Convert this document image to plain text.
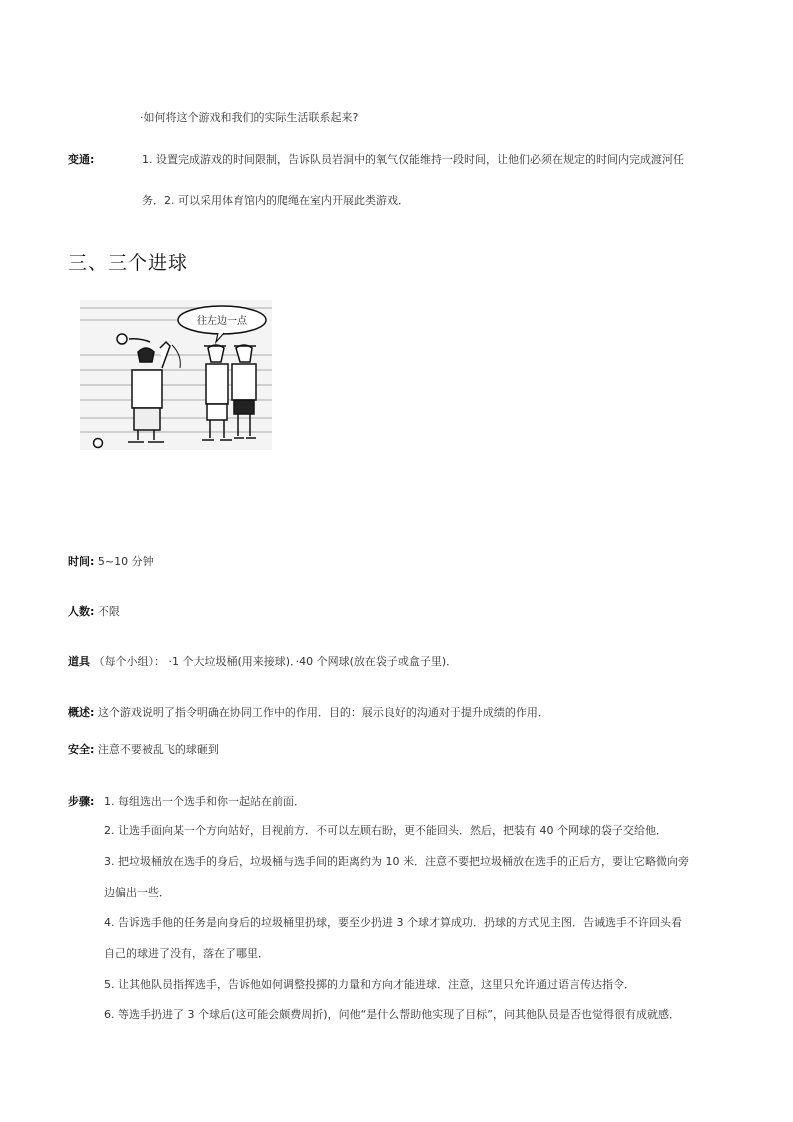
·如何将这个游戏和我们的实际生活联系起来?
变通:	1. 设置完成游戏的时间限制，告诉队员岩洞中的氧气仅能维持一段时间，让他们必须在规定的时间内完成渡河任
务．2. 可以采用体育馆内的爬绳在室内开展此类游戏．
三、三个进球
往左边一点
时间: 5~10 分钟
人数: 不限
道具 （每个小组）： ·1 个大垃圾桶(用来接球)．·40 个网球(放在袋子或盒子里)．
概述: 这个游戏说明了指令明确在协同工作中的作用．目的：展示良好的沟通对于提升成绩的作用．
安全: 注意不要被乱飞的球砸到
步骤: 1. 每组选出一个选手和你一起站在前面．
2. 让选手面向某一个方向站好，目视前方．不可以左顾右盼，更不能回头．然后，把装有 40 个网球的袋子交给他．
3. 把垃圾桶放在选手的身后，垃圾桶与选手间的距离约为 10 米．注意不要把垃圾桶放在选手的正后方，要让它略微向旁
边偏出一些．
4. 告诉选手他的任务是向身后的垃圾桶里扔球，要至少扔进 3 个球才算成功．扔球的方式见主图．告诫选手不许回头看
自己的球进了没有，落在了哪里．
5. 让其他队员指挥选手，告诉他如何调整投掷的力量和方向才能进球．注意，这里只允许通过语言传达指令．
6. 等选手扔进了 3 个球后(这可能会颇费周折)，问他“是什么帮助他实现了目标”，问其他队员是否也觉得很有成就感．
